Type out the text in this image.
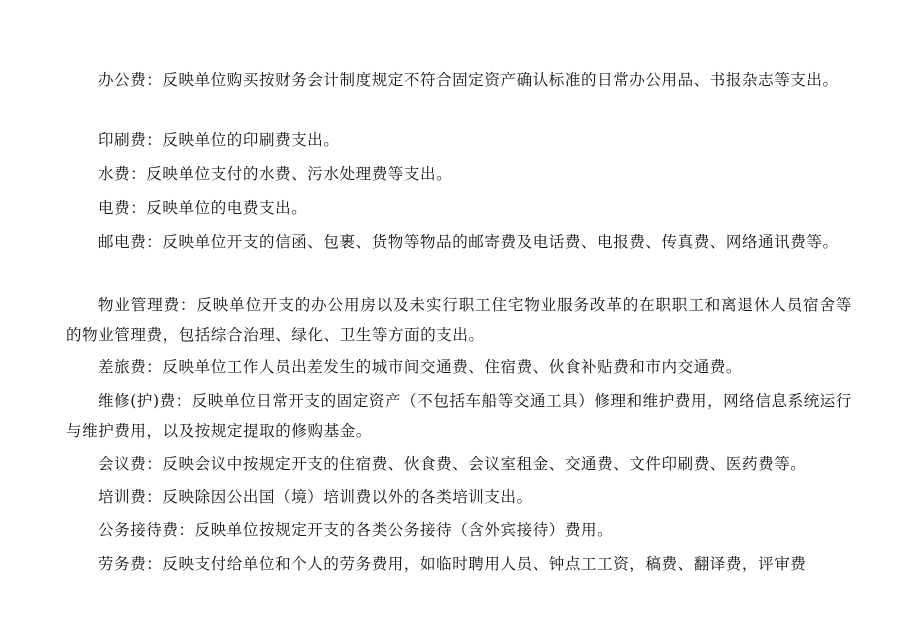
办公费：反映单位购买按财务会计制度规定不符合固定资产确认标准的日常办公用品、书报杂志等支出。

印刷费：反映单位的印刷费支出。

水费：反映单位支付的水费、污水处理费等支出。

电费：反映单位的电费支出。

邮电费：反映单位开支的信函、包裹、货物等物品的邮寄费及电话费、电报费、传真费、网络通讯费等。

物业管理费：反映单位开支的办公用房以及未实行职工住宅物业服务改革的在职职工和离退休人员宿舍等的物业管理费，包括综合治理、绿化、卫生等方面的支出。

差旅费：反映单位工作人员出差发生的城市间交通费、住宿费、伙食补贴费和市内交通费。

维修(护)费：反映单位日常开支的固定资产（不包括车船等交通工具）修理和维护费用，网络信息系统运行与维护费用，以及按规定提取的修购基金。

会议费：反映会议中按规定开支的住宿费、伙食费、会议室租金、交通费、文件印刷费、医药费等。

培训费：反映除因公出国（境）培训费以外的各类培训支出。

公务接待费：反映单位按规定开支的各类公务接待（含外宾接待）费用。

劳务费：反映支付给单位和个人的劳务费用，如临时聘用人员、钟点工工资，稿费、翻译费，评审费
